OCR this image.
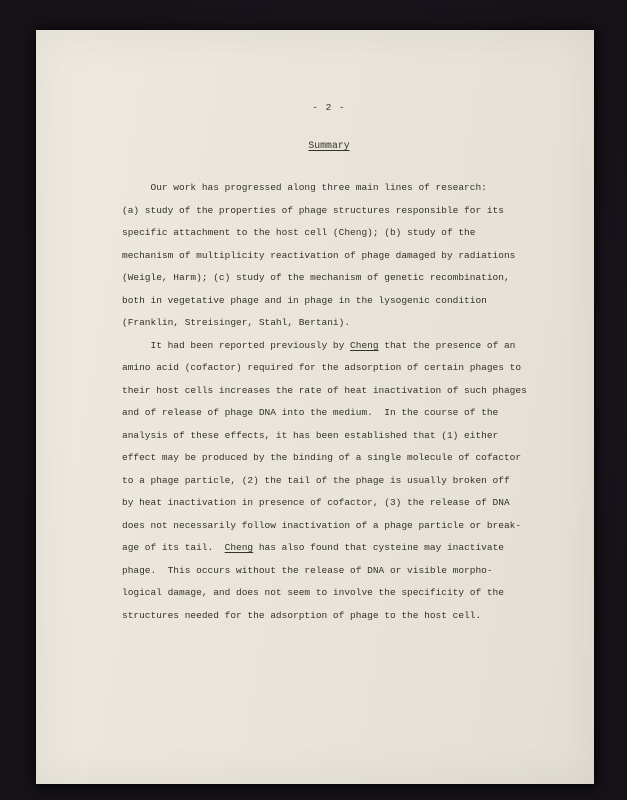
- 2 -
Summary
Our work has progressed along three main lines of research:
(a) study of the properties of phage structures responsible for its
specific attachment to the host cell (Cheng); (b) study of the
mechanism of multiplicity reactivation of phage damaged by radiations
(Weigle, Harm); (c) study of the mechanism of genetic recombination,
both in vegetative phage and in phage in the lysogenic condition
(Franklin, Streisinger, Stahl, Bertani).
It had been reported previously by Cheng that the presence of an
amino acid (cofactor) required for the adsorption of certain phages to
their host cells increases the rate of heat inactivation of such phages
and of release of phage DNA into the medium.  In the course of the
analysis of these effects, it has been established that (1) either
effect may be produced by the binding of a single molecule of cofactor
to a phage particle, (2) the tail of the phage is usually broken off
by heat inactivation in presence of cofactor, (3) the release of DNA
does not necessarily follow inactivation of a phage particle or break-
age of its tail.  Cheng has also found that cysteine may inactivate
phage.  This occurs without the release of DNA or visible morpho-
logical damage, and does not seem to involve the specificity of the
structures needed for the adsorption of phage to the host cell.
